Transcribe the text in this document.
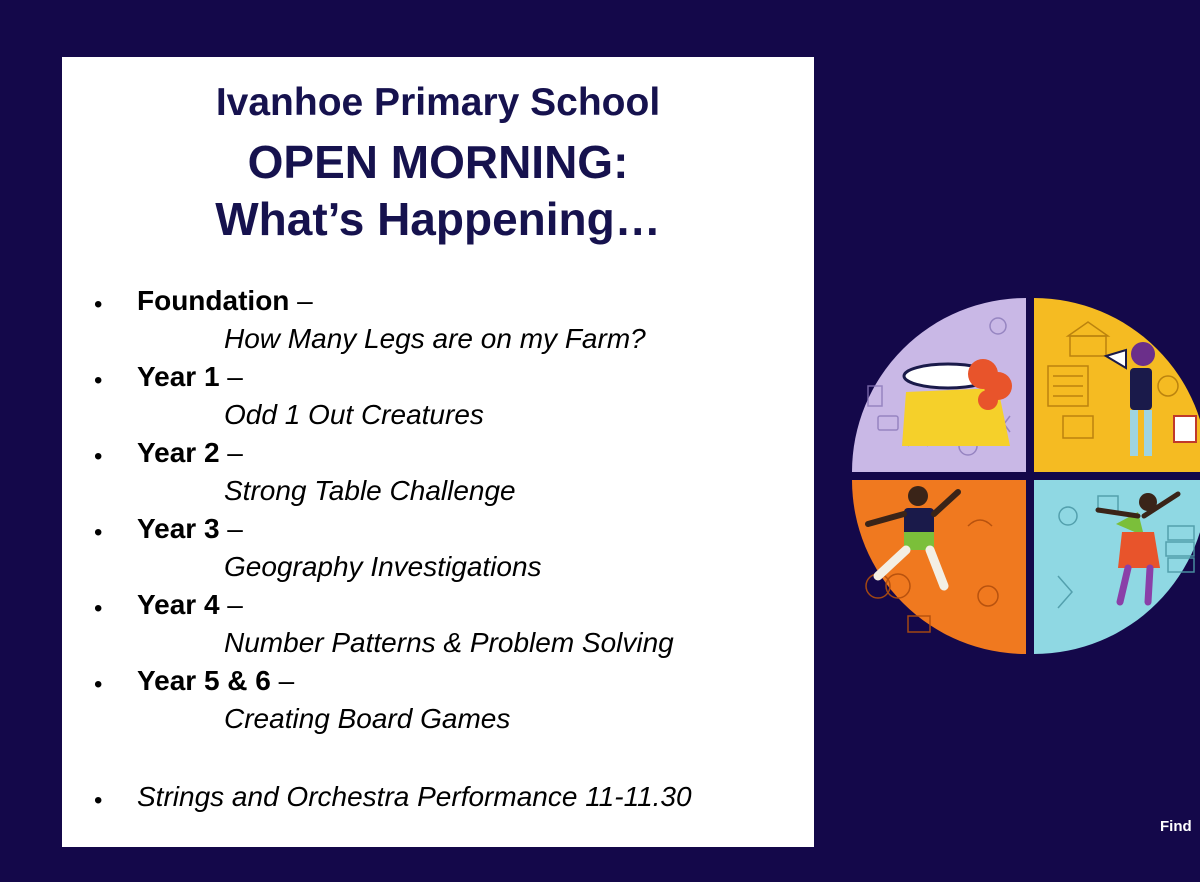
Ivanhoe Primary School
OPEN MORNING:
What’s Happening…
• Foundation –
How Many Legs are on my Farm?
• Year 1 –
Odd 1 Out Creatures
• Year 2 –
Strong Table Challenge
• Year 3 –
Geography Investigations
• Year 4 –
Number Patterns & Problem Solving
• Year 5 & 6 –
Creating Board Games
• Strings and Orchestra Performance 11-11.30
Find
